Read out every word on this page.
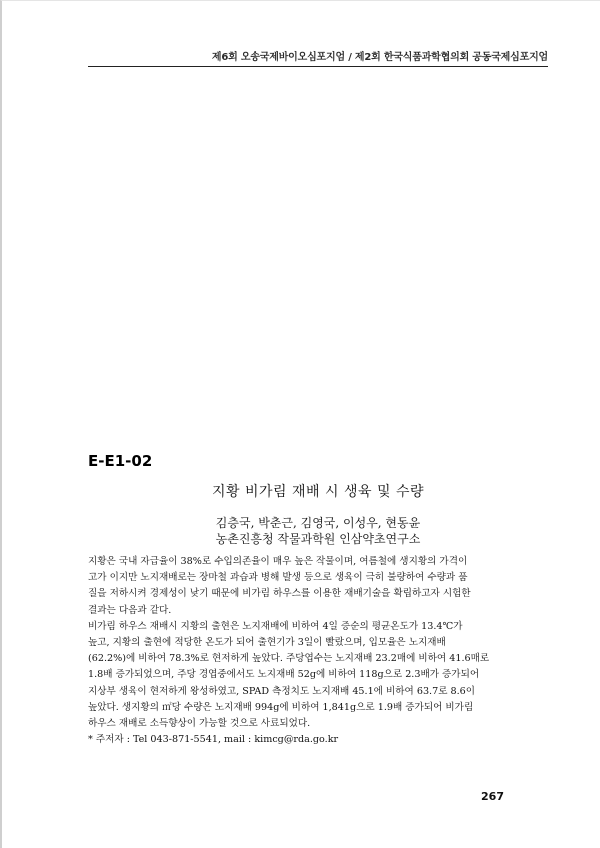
제6회 오송국제바이오심포지엄 / 제2회 한국식품과학협의회 공동국제심포지엄
E-E1-02
지황 비가림 재배 시 생육 및 수량
김층국, 박춘근, 김영국, 이성우, 현동윤
농촌진흥청 작물과학원 인삼약초연구소
지황은 국내 자급율이 38%로 수입의존율이 매우 높은 작물이며, 여름철에 생지황의 가격이
고가 이지만 노지재배로는 장마철 과습과 병해 발생 등으로 생육이 극히 불량하여 수량과 품
질을 저하시켜 경제성이 낮기 때문에 비가림 하우스를 이용한 재배기술을 확립하고자 시험한
결과는 다음과 같다.
비가림 하우스 재배시 지황의 출현은 노지재배에 비하여 4일 증순의 평균온도가 13.4℃가
높고, 지황의 출현에 적당한 온도가 되어 출현기가 3일이 빨랐으며, 입모율은 노지재배
(62.2%)에 비하여 78.3%로 현저하게 높았다. 주당엽수는 노지재배 23.2매에 비하여 41.6매로
1.8배 증가되었으며, 주당 경엽중에서도 노지재배 52g에 비하여 118g으로 2.3배가 증가되어
지상부 생육이 현저하게 왕성하였고, SPAD 측정치도 노지재배 45.1에 비하여 63.7로 8.6이
높았다. 생지황의 ㎡당 수량은 노지재배 994g에 비하여 1,841g으로 1.9배 증가되어 비가림
하우스 재배로 소득향상이 가능할 것으로 사료되었다.
* 주저자 : Tel 043-871-5541, mail : kimcg@rda.go.kr
267
